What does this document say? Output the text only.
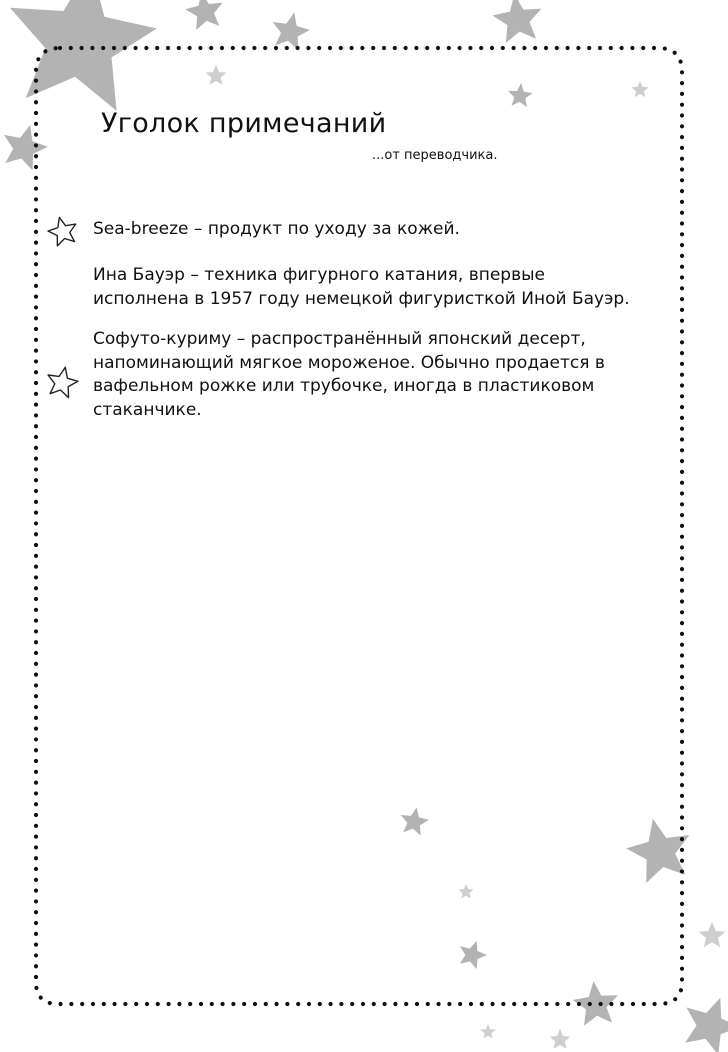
Уголок примечаний
...от переводчика.

Sea-breeze – продукт по уходу за кожей.

Ина Бауэр – техника фигурного катания, впервые исполнена в 1957 году немецкой фигуристкой Иной Бауэр.

Софуто-куриму – распространённый японский десерт, напоминающий мягкое мороженое. Обычно продается в вафельном рожке или трубочке, иногда в пластиковом стаканчике.
